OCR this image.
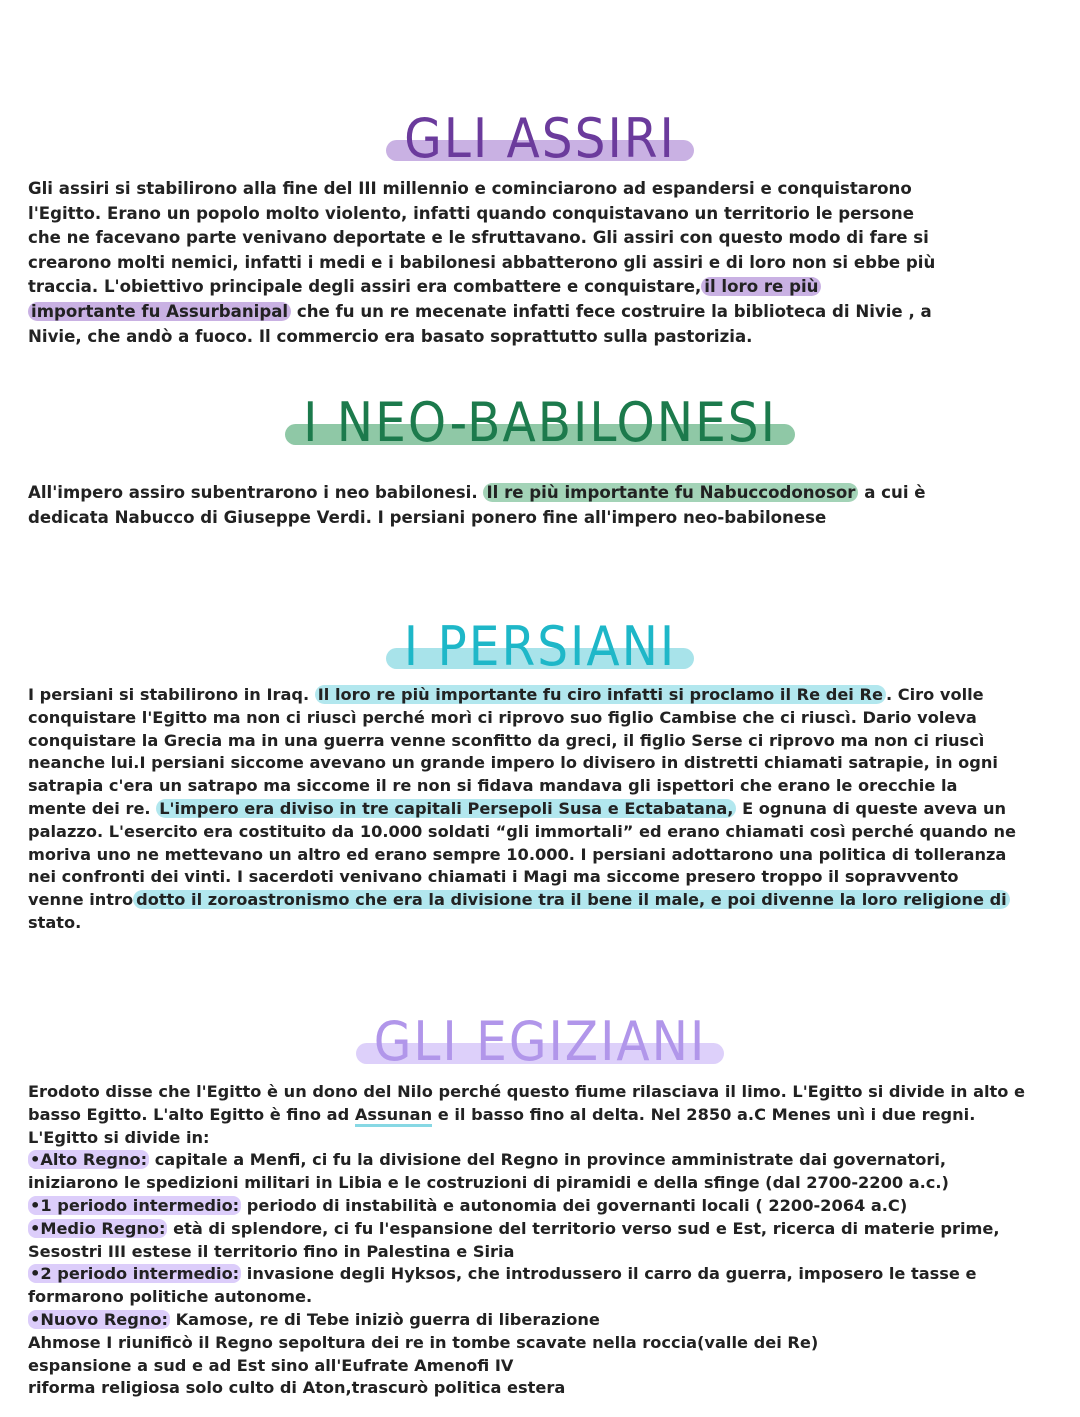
GLI ASSIRI

Gli assiri si stabilirono alla fine del III millennio e cominciarono ad espandersi e conquistarono
l'Egitto. Erano un popolo molto violento, infatti quando conquistavano un territorio le persone
che ne facevano parte venivano deportate e le sfruttavano. Gli assiri con questo modo di fare si
crearono molti nemici, infatti i medi e i babilonesi abbatterono gli assiri e di loro non si ebbe più
traccia. L'obiettivo principale degli assiri era combattere e conquistare, il loro re più
importante fu Assurbanipal che fu un re mecenate infatti fece costruire la biblioteca di Nivie , a
Nivie, che andò a fuoco. Il commercio era basato soprattutto sulla pastorizia.

I NEO-BABILONESI

All'impero assiro subentrarono i neo babilonesi. Il re più importante fu Nabuccodonosor a cui è
dedicata Nabucco di Giuseppe Verdi. I persiani ponero fine all'impero neo-babilonese

I PERSIANI

I persiani si stabilirono in Iraq. Il loro re più importante fu ciro infatti si proclamo il Re dei Re . Ciro volle
conquistare l'Egitto ma non ci riuscì perché morì ci riprovo suo figlio Cambise che ci riuscì. Dario voleva
conquistare la Grecia ma in una guerra venne sconfitto da greci, il figlio Serse ci riprovo ma non ci riuscì
neanche lui.I persiani siccome avevano un grande impero lo divisero in distretti chiamati satrapie, in ogni
satrapia c'era un satrapo ma siccome il re non si fidava mandava gli ispettori che erano le orecchie la
mente dei re. L'impero era diviso in tre capitali Persepoli Susa e Ectabatana, E ognuna di queste aveva un
palazzo. L'esercito era costituito da 10.000 soldati “gli immortali” ed erano chiamati così perché quando ne
moriva uno ne mettevano un altro ed erano sempre 10.000. I persiani adottarono una politica di tolleranza
nei confronti dei vinti. I sacerdoti venivano chiamati i Magi ma siccome presero troppo il sopravvento
venne intro dotto il zoroastronismo che era la divisione tra il bene il male, e poi divenne la loro religione di
stato.

GLI EGIZIANI

Erodoto disse che l'Egitto è un dono del Nilo perché questo fiume rilasciava il limo. L'Egitto si divide in alto e
basso Egitto. L'alto Egitto è fino ad Assunan e il basso fino al delta. Nel 2850 a.C Menes unì i due regni.
L'Egitto si divide in:
•Alto Regno: capitale a Menfi, ci fu la divisione del Regno in province amministrate dai governatori,
iniziarono le spedizioni militari in Libia e le costruzioni di piramidi e della sfinge (dal 2700-2200 a.c.)
•1 periodo intermedio: periodo di instabilità e autonomia dei governanti locali ( 2200-2064 a.C)
•Medio Regno: età di splendore, ci fu l'espansione del territorio verso sud e Est, ricerca di materie prime,
Sesostri III estese il territorio fino in Palestina e Siria
•2 periodo intermedio: invasione degli Hyksos, che introdussero il carro da guerra, imposero le tasse e
formarono politiche autonome.
•Nuovo Regno: Kamose, re di Tebe iniziò guerra di liberazione
Ahmose I riunificò il Regno sepoltura dei re in tombe scavate nella roccia(valle dei Re)
espansione a sud e ad Est sino all'Eufrate Amenofi IV
riforma religiosa solo culto di Aton,trascurò politica estera
